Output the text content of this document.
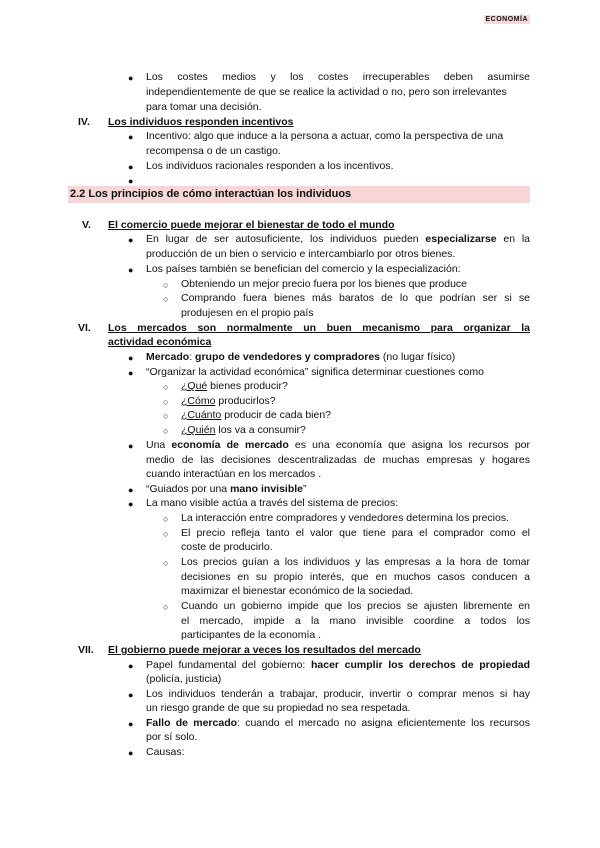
ECONOMÍA
● Los costes medios y los costes irrecuperables deben asumirse
independientemente de que se realice la actividad o no, pero son irrelevantes
para tomar una decisión.
IV. Los individuos responden incentivos
● Incentivo: algo que induce a la persona a actuar, como la perspectiva de una
recompensa o de un castigo.
● Los individuos racionales responden a los incentivos.
●
2.2 Los principios de cómo interactúan los individuos
V. El comercio puede mejorar el bienestar de todo el mundo
● En lugar de ser autosuficiente, los individuos pueden especializarse en la
producción de un bien o servicio e intercambiarlo por otros bienes.
● Los países también se benefician del comercio y la especialización:
○ Obteniendo un mejor precio fuera por los bienes que produce
○ Comprando fuera bienes más baratos de lo que podrían ser si se
produjesen en el propio país
VI. Los mercados son normalmente un buen mecanismo para organizar la
actividad económica
● Mercado: grupo de vendedores y compradores (no lugar físico)
● “Organizar la actividad económica” significa determinar cuestiones como
○ ¿Qué bienes producir?
○ ¿Cómo producirlos?
○ ¿Cuánto producir de cada bien?
○ ¿Quién los va a consumir?
● Una economía de mercado es una economía que asigna los recursos por
medio de las decisiones descentralizadas de muchas empresas y hogares
cuando interactúan en los mercados .
● “Guiados por una mano invisible”
● La mano visible actúa a través del sistema de precios:
○ La interacción entre compradores y vendedores determina los precios.
○ El precio refleja tanto el valor que tiene para el comprador como el
coste de producirlo.
○ Los precios guían a los individuos y las empresas a la hora de tomar
decisiones en su propio interés, que en muchos casos conducen a
maximizar el bienestar económico de la sociedad.
○ Cuando un gobierno impide que los precios se ajusten libremente en
el mercado, impide a la mano invisible coordine a todos los
participantes de la economía .
VII. El gobierno puede mejorar a veces los resultados del mercado
● Papel fundamental del gobierno: hacer cumplir los derechos de propiedad
(policía, justicia)
● Los individuos tenderán a trabajar, producir, invertir o comprar menos si hay
un riesgo grande de que su propiedad no sea respetada.
● Fallo de mercado: cuando el mercado no asigna eficientemente los recursos
por sí solo.
● Causas:
